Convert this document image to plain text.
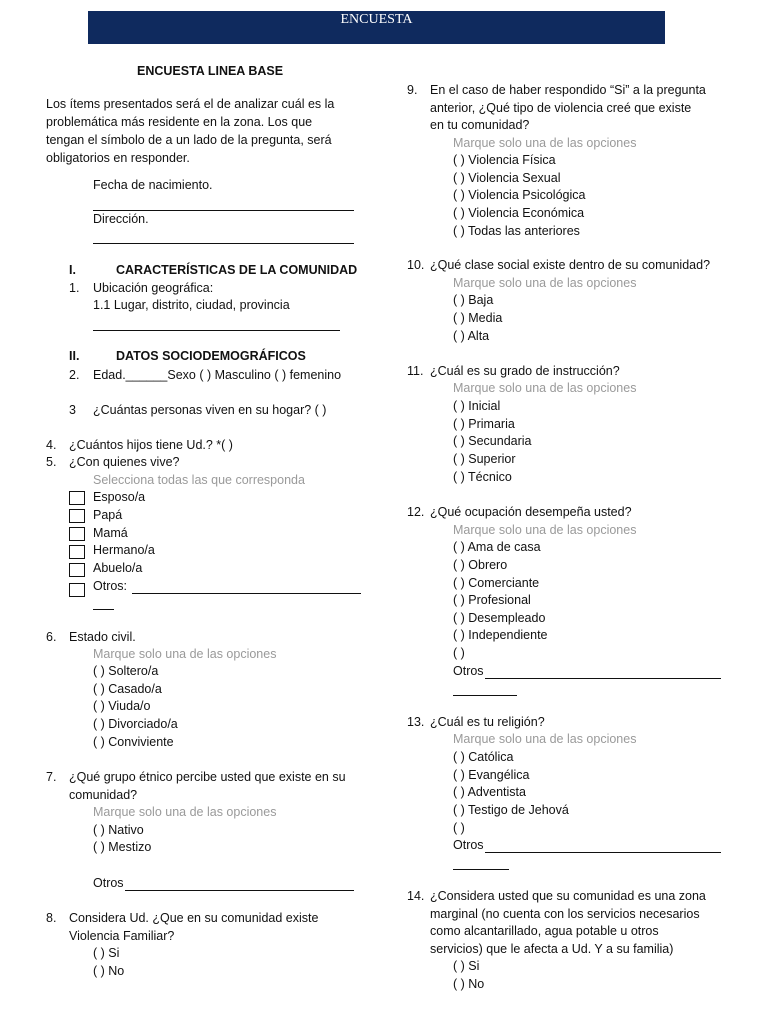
ENCUESTA
ENCUESTA LINEA BASE
Los ítems presentados será el de analizar cuál es la
problemática más residente en la zona. Los que
tengan el símbolo de a un lado de la pregunta, será
obligatorios en responder.
Fecha de nacimiento.
Dirección.
I.	CARACTERÍSTICAS DE LA COMUNIDAD
1. Ubicación geográfica:
1.1 Lugar, distrito, ciudad, provincia
II.	DATOS SOCIODEMOGRÁFICOS
2. Edad.______Sexo ( ) Masculino ( ) femenino
3 ¿Cuántas personas viven en su hogar? ( )
4. ¿Cuántos hijos tiene Ud.? *( )
5. ¿Con quienes vive?
Selecciona todas las que corresponda
Esposo/a
Papá
Mamá
Hermano/a
Abuelo/a
Otros:
6. Estado civil.
Marque solo una de las opciones
( ) Soltero/a
( ) Casado/a
( ) Viuda/o
( ) Divorciado/a
( ) Conviviente
7. ¿Qué grupo étnico percibe usted que existe en su
comunidad?
Marque solo una de las opciones
( ) Nativo
( ) Mestizo
Otros
8. Considera Ud. ¿Que en su comunidad existe
Violencia Familiar?
( ) Si
( ) No
9. En el caso de haber respondido “Si” a la pregunta
anterior, ¿Qué tipo de violencia creé que existe
en tu comunidad?
Marque solo una de las opciones
( ) Violencia Física
( ) Violencia Sexual
( ) Violencia Psicológica
( ) Violencia Económica
( ) Todas las anteriores
10. ¿Qué clase social existe dentro de su comunidad?
Marque solo una de las opciones
( ) Baja
( ) Media
( ) Alta
11. ¿Cuál es su grado de instrucción?
Marque solo una de las opciones
( ) Inicial
( ) Primaria
( ) Secundaria
( ) Superior
( ) Técnico
12. ¿Qué ocupación desempeña usted?
Marque solo una de las opciones
( ) Ama de casa
( ) Obrero
( ) Comerciante
( ) Profesional
( ) Desempleado
( ) Independiente
( )
Otros
13. ¿Cuál es tu religión?
Marque solo una de las opciones
( ) Católica
( ) Evangélica
( ) Adventista
( ) Testigo de Jehová
( )
Otros
14. ¿Considera usted que su comunidad es una zona
marginal (no cuenta con los servicios necesarios
como alcantarillado, agua potable u otros
servicios) que le afecta a Ud. Y a su familia)
( ) Si
( ) No
